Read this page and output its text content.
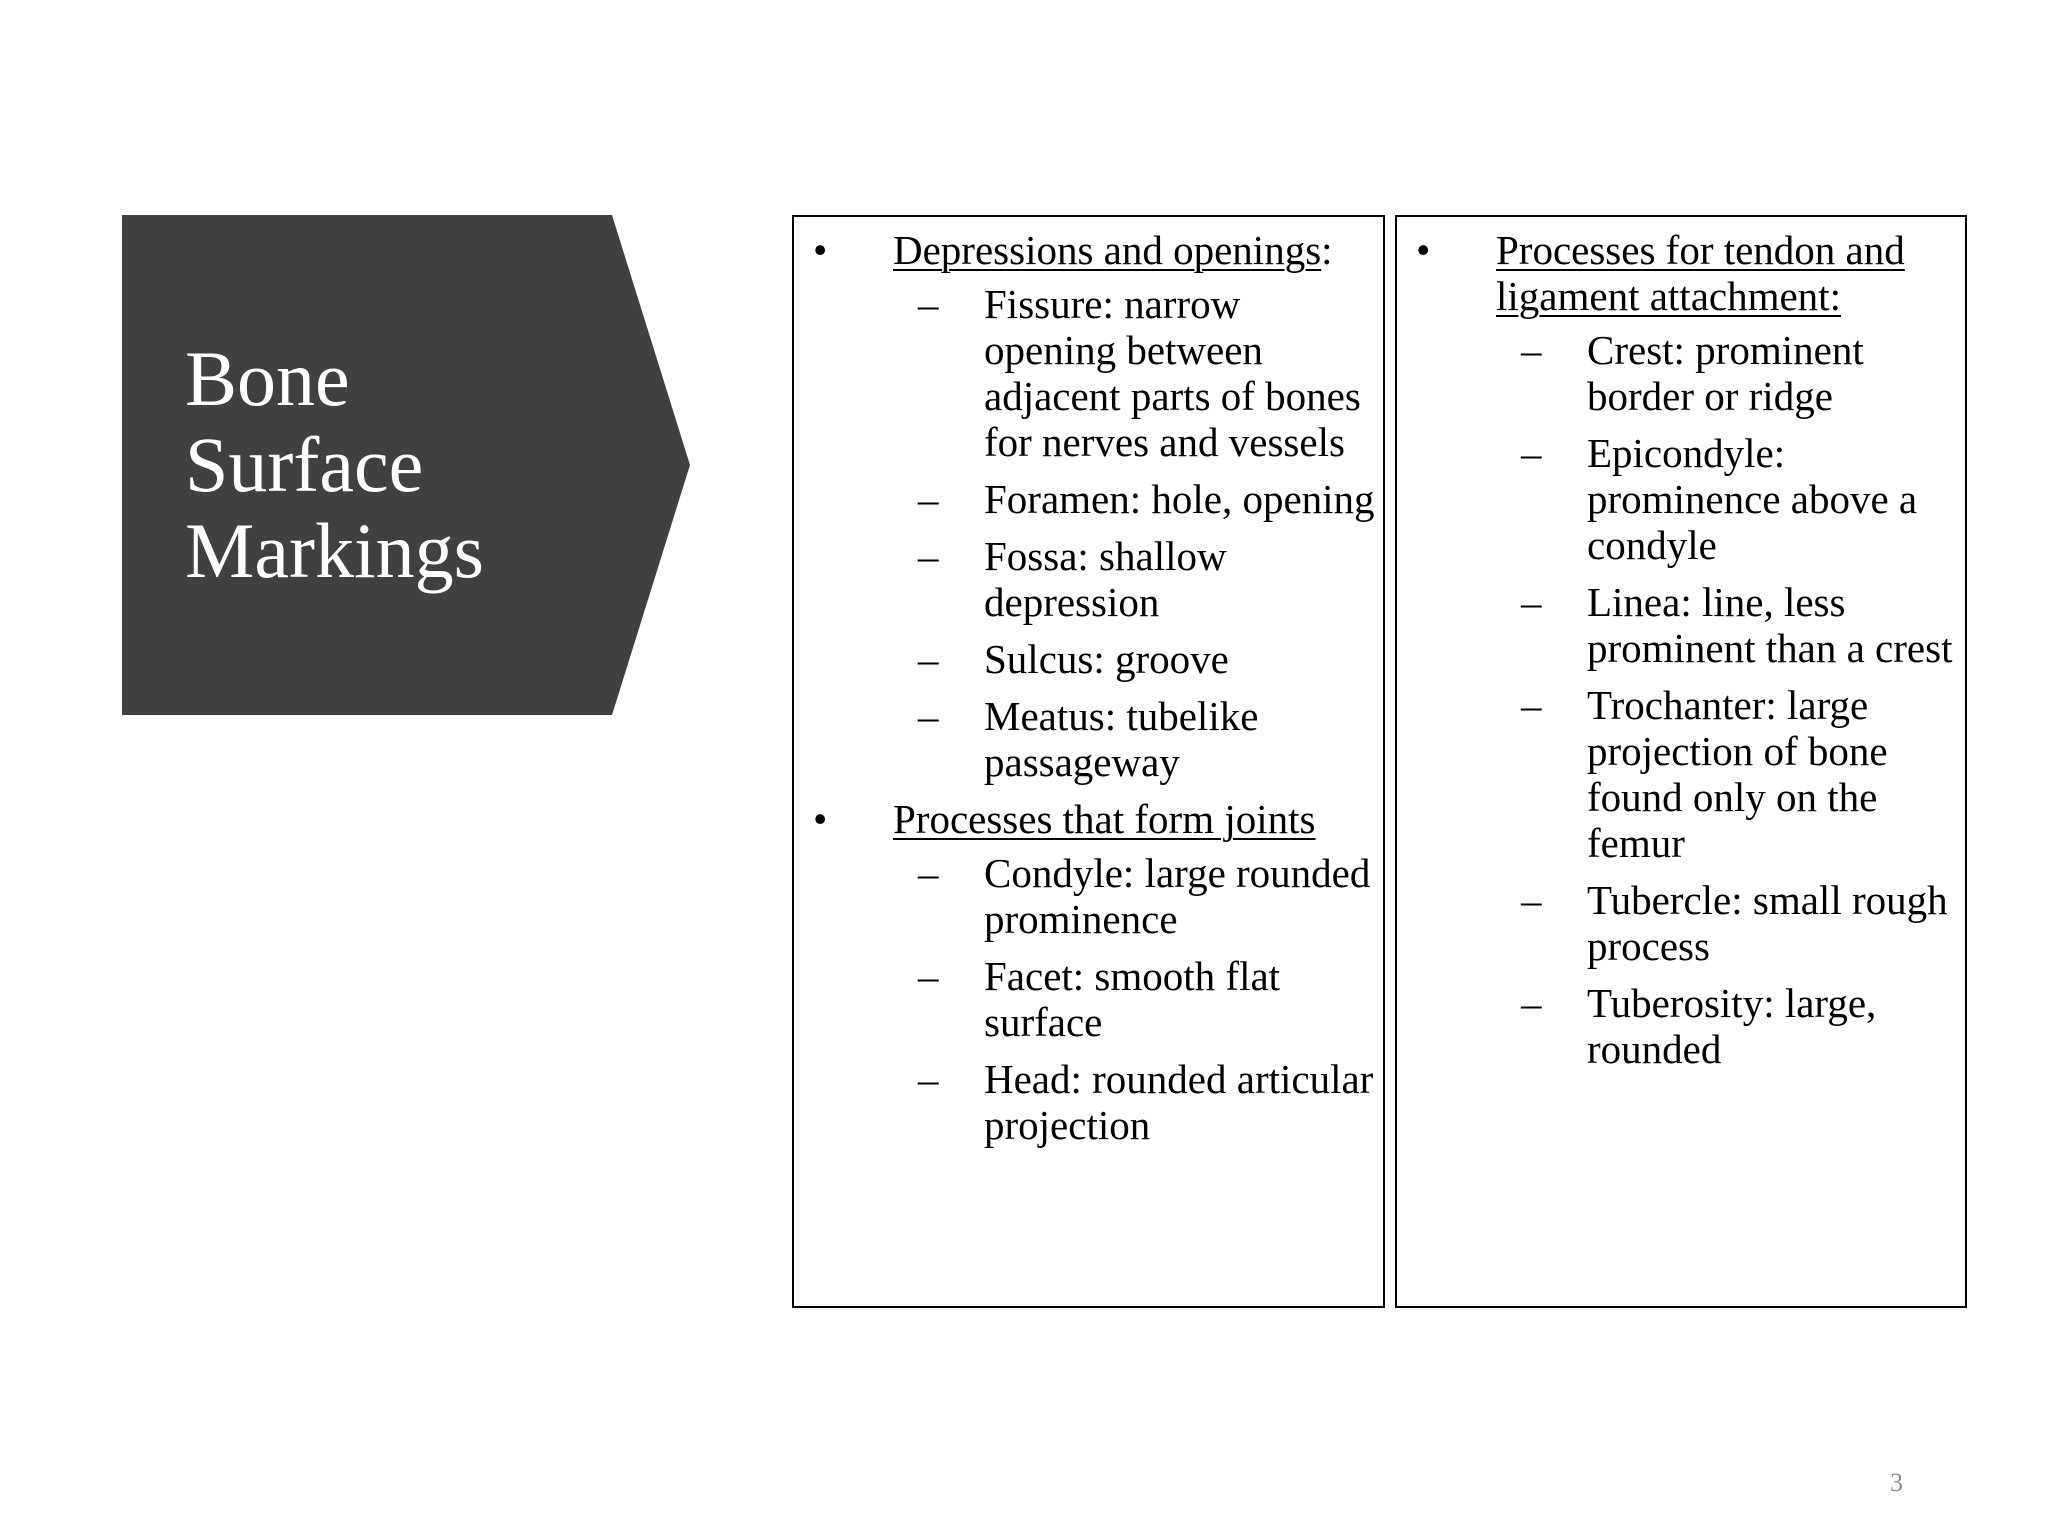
Bone
Surface
Markings
• Depressions and openings:
– Fissure: narrow opening between adjacent parts of bones for nerves and vessels
– Foramen: hole, opening
– Fossa: shallow depression
– Sulcus: groove
– Meatus: tubelike passageway
• Processes that form joints
– Condyle: large rounded prominence
– Facet: smooth flat surface
– Head: rounded articular projection
• Processes for tendon and ligament attachment:
– Crest: prominent border or ridge
– Epicondyle: prominence above a condyle
– Linea: line, less prominent than a crest
– Trochanter: large projection of bone found only on the femur
– Tubercle: small rough process
– Tuberosity: large, rounded
3
